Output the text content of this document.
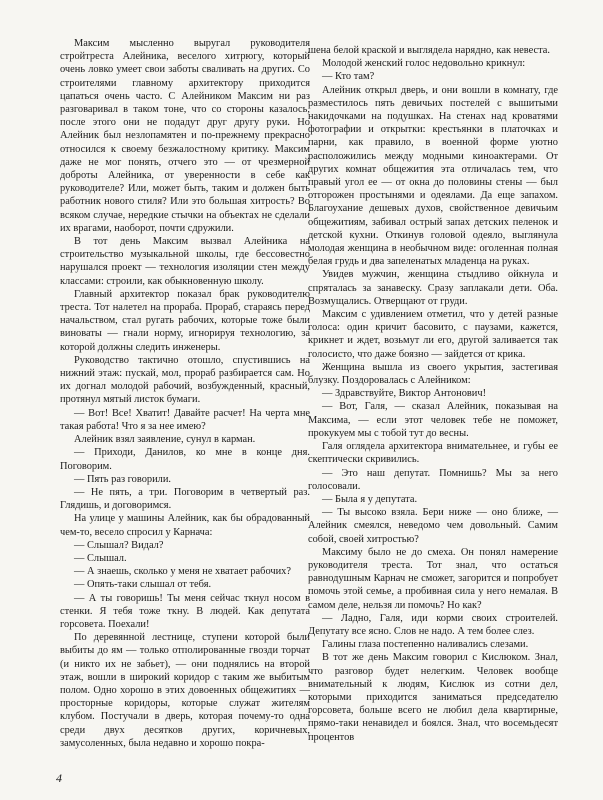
Максим мысленно выругал руководителя стройтреста Алейника, веселого хитрюгу, который очень ловко умеет свои заботы сваливать на других. Со строителями главному архитектору приходится цапаться очень часто. С Алейником Максим ни раз разговаривал в таком тоне, что со стороны казалось, после этого они не подадут друг другу руки. Но Алейник был незлопамятен и по-прежнему прекрасно относился к своему безжалостному критику. Максим даже не мог понять, отчего это — от чрезмерной доброты Алейника, от уверенности в себе как руководителе? Или, может быть, таким и должен быть работник нового стиля? Или это большая хитрость? Во всяком случае, нередкие стычки на объектах не сделали их врагами, наоборот, почти сдружили.

В тот день Максим вызвал Алейника на строительство музыкальной школы, где бессовестно нарушался проект — технология изоляции стен между классами: строили, как обыкновенную школу.

Главный архитектор показал брак руководителю треста. Тот налетел на прораба. Прораб, стараясь перед начальством, стал ругать рабочих, которые тоже были виноваты — гнали норму, игнорируя технологию, за которой должны следить инженеры.

Руководство тактично отошло, спустившись на нижний этаж: пускай, мол, прораб разбирается сам. Но их догнал молодой рабочий, возбужденный, красный, протянул мятый листок бумаги.

— Вот! Все! Хватит! Давайте расчет! На черта мне такая работа! Что я за нее имею?

Алейник взял заявление, сунул в карман.

— Приходи, Данилов, ко мне в конце дня. Поговорим.

— Пять раз говорили.

— Не пять, а три. Поговорим в четвертый раз. Глядишь, и договоримся.

На улице у машины Алейник, как бы обрадованный чем-то, весело спросил у Карнача:

— Слышал? Видал?

— Слышал.

— А знаешь, сколько у меня не хватает рабочих?

— Опять-таки слышал от тебя.

— А ты говоришь! Ты меня сейчас ткнул носом в стенки. Я тебя тоже ткну. В людей. Как депутата горсовета. Поехали!

По деревянной лестнице, ступени которой были выбиты до ям — только отполированные гвозди торчат (и никто их не забьет), — они поднялись на второй этаж, вошли в широкий коридор с таким же выбитым полом. Одно хорошо в этих довоенных общежитиях — просторные коридоры, которые служат жителям клубом. Постучали в дверь, которая почему-то одна среди двух десятков других, коричневых, замусоленных, была недавно и хорошо покра-

шена белой краской и выглядела нарядно, как невеста.

Молодой женский голос недовольно крикнул:

— Кто там?

Алейник открыл дверь, и они вошли в комнату, где разместилось пять девичьих постелей с вышитыми накидочками на подушках. На стенах над кроватями фотографии и открытки: крестьянки в платочках и парни, как правило, в военной форме уютно расположились между модными киноактерами. От других комнат общежития эта отличалась тем, что правый угол ее — от окна до половины стены — был отгорожен простынями и одеялами. Да еще запахом. Благоухание дешевых духов, свойственное девичьим общежитиям, забивал острый запах детских пеленок и детской кухни. Откинув головой одеяло, выглянула молодая женщина в необычном виде: оголенная полная белая грудь и два запеленатых младенца на руках.

Увидев мужчин, женщина стыдливо ойкнула и спряталась за занавеску. Сразу заплакали дети. Оба. Возмущались. Отверщают от груди.

Максим с удивлением отметил, что у детей разные голоса: один кричит басовито, с паузами, кажется, крикнет и ждет, возьмут ли его, другой заливается так голосисто, что даже боязно — зайдется от крика.

Женщина вышла из своего укрытия, застегивая блузку. Поздоровалась с Алейником:

— Здравствуйте, Виктор Антонович!

— Вот, Галя, — сказал Алейник, показывая на Максима, — если этот человек тебе не поможет, прокукуем мы с тобой тут до весны.

Галя оглядела архитектора внимательнее, и губы ее скептически скривились.

— Это наш депутат. Помнишь? Мы за него голосовали.

— Была я у депутата.

— Ты высоко взяла. Бери ниже — оно ближе, — Алейник смеялся, неведомо чем довольный. Самим собой, своей хитростью?

Максиму было не до смеха. Он понял намерение руководителя треста. Тот знал, что остаться равнодушным Карнач не сможет, загорится и попробует помочь этой семье, а пробивная сила у него немалая. В самом деле, нельзя ли помочь? Но как?

— Ладно, Галя, иди корми своих строителей. Депутату все ясно. Слов не надо. А тем более слез.

Галины глаза постепенно наливались слезами.

В тот же день Максим говорил с Кислюком. Знал, что разговор будет нелегким. Человек вообще внимательный к людям, Кислюк из сотни дел, которыми приходится заниматься председателю горсовета, больше всего не любил дела квартирные, прямо-таки ненавидел и боялся. Знал, что восемьдесят процентов

4
